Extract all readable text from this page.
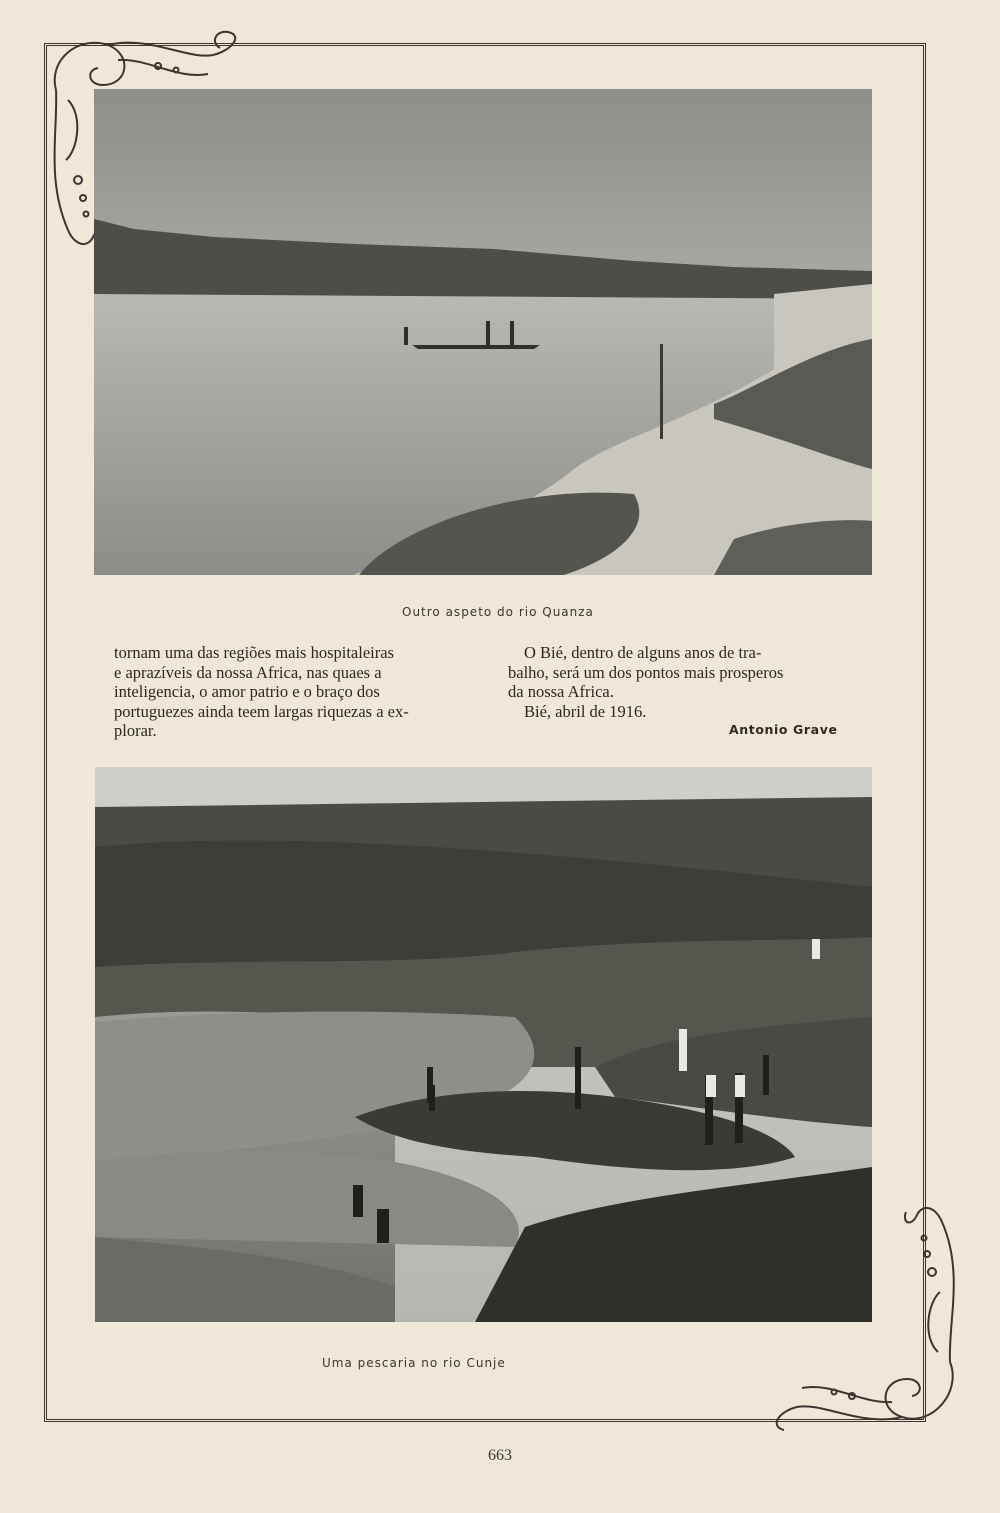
Outro aspeto do rio Quanza

tornam uma das regiões mais hospitaleiras

e aprazíveis da nossa Africa, nas quaes a

inteligencia, o amor patrio e o braço dos

portuguezes ainda teem largas riquezas a ex-

plorar.

O Bié, dentro de alguns anos de tra-

balho, será um dos pontos mais prosperos

da nossa Africa.

Bié, abril de 1916.

Antonio Grave
Uma pescaria no rio Cunje
663
